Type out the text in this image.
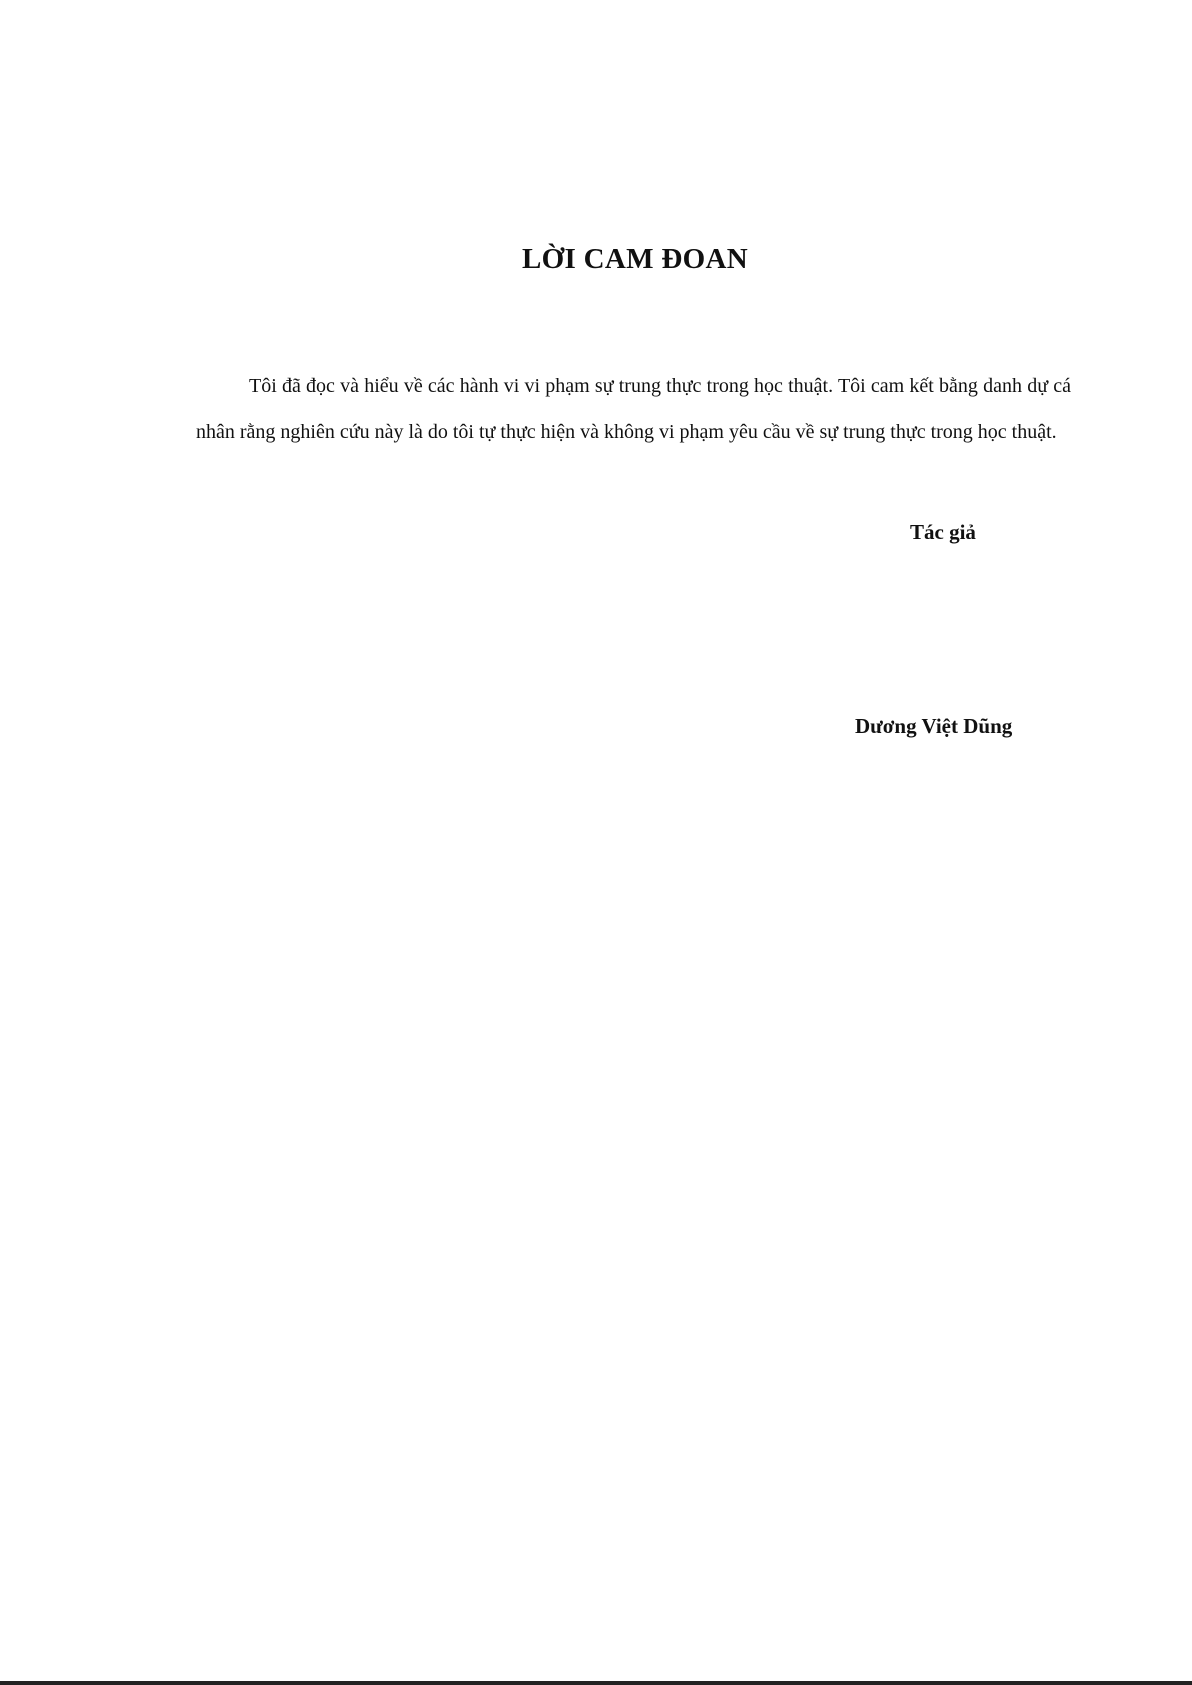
LỜI CAM ĐOAN

Tôi đã đọc và hiểu về các hành vi vi phạm sự trung thực trong học thuật. Tôi cam kết bằng danh dự cá nhân rằng nghiên cứu này là do tôi tự thực hiện và không vi phạm yêu cầu về sự trung thực trong học thuật.

Tác giả

Dương Việt Dũng
